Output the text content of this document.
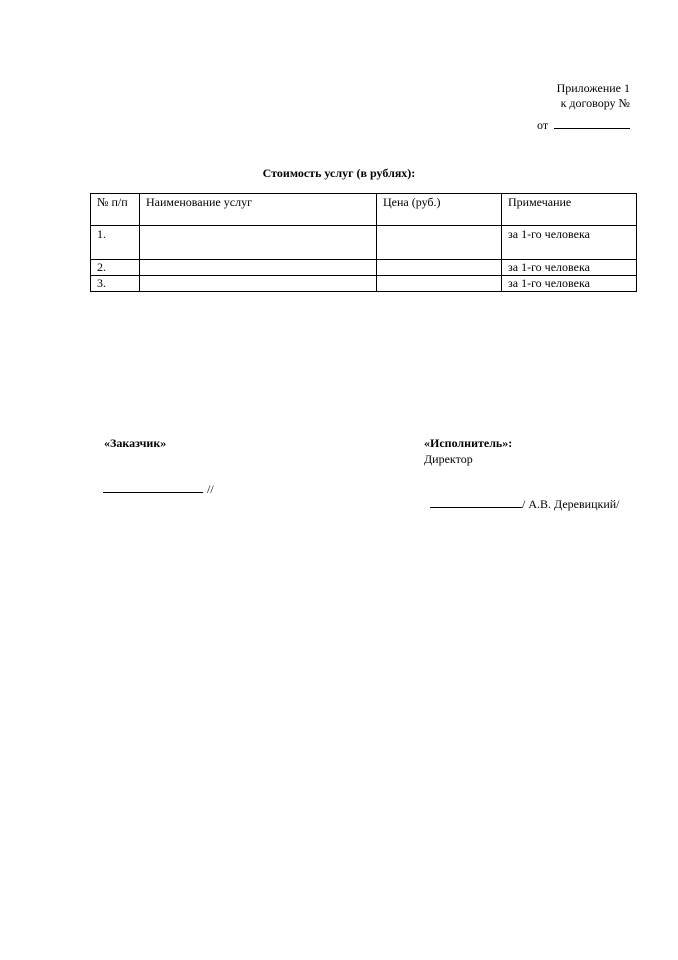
Приложение 1
к договору №
от
Стоимость услуг (в рублях):
№ п/п	Наименование услуг	Цена (руб.)	Примечание
1.			за 1-го человека
2.			за 1-го человека
3.			за 1-го человека
«Заказчик»	«Исполнитель»:
Директор
//
/ А.В. Деревицкий/
